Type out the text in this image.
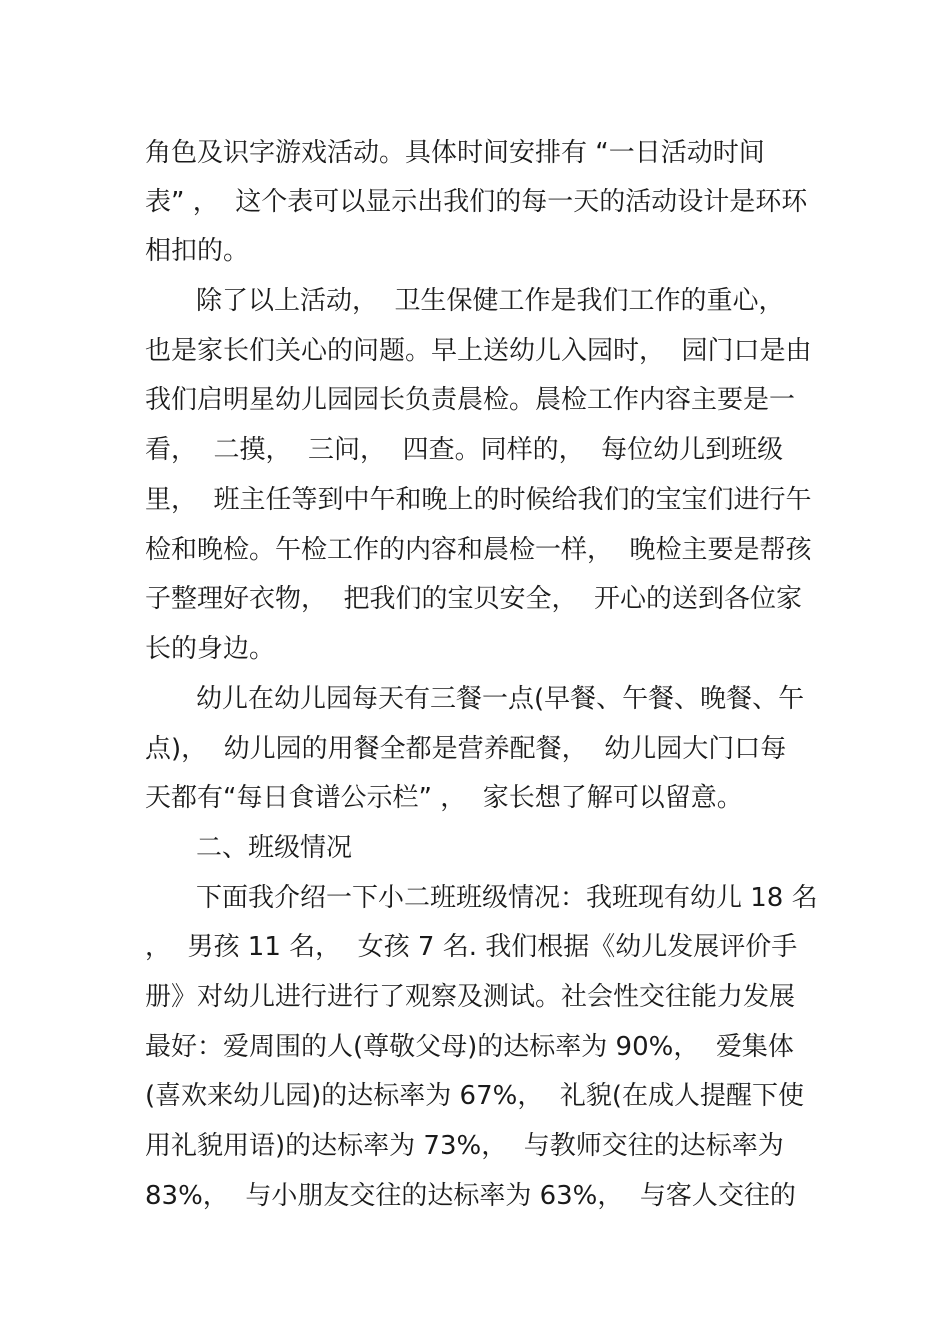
角色及识字游戏活动。具体时间安排有 “一日活动时间
表” ，  这个表可以显示出我们的每一天的活动设计是环环
相扣的。
除了以上活动，  卫生保健工作是我们工作的重心，
也是家长们关心的问题。早上送幼儿入园时，  园门口是由
我们启明星幼儿园园长负责晨检。晨检工作内容主要是一
看，  二摸，  三问，  四查。同样的，  每位幼儿到班级
里，  班主任等到中午和晚上的时候给我们的宝宝们进行午
检和晚检。午检工作的内容和晨检一样，  晚检主要是帮孩
子整理好衣物，  把我们的宝贝安全，  开心的送到各位家
长的身边。
幼儿在幼儿园每天有三餐一点(早餐、午餐、晚餐、午
点)，  幼儿园的用餐全都是营养配餐，  幼儿园大门口每
天都有“每日食谱公示栏” ，  家长想了解可以留意。
二、班级情况
下面我介绍一下小二班班级情况：我班现有幼儿 18 名
，  男孩 11 名，  女孩 7 名. 我们根据《幼儿发展评价手
册》对幼儿进行进行了观察及测试。社会性交往能力发展
最好：爱周围的人(尊敬父母)的达标率为 90%，  爱集体
(喜欢来幼儿园)的达标率为 67%，  礼貌(在成人提醒下使
用礼貌用语)的达标率为 73%，  与教师交往的达标率为
83%，  与小朋友交往的达标率为 63%，  与客人交往的
